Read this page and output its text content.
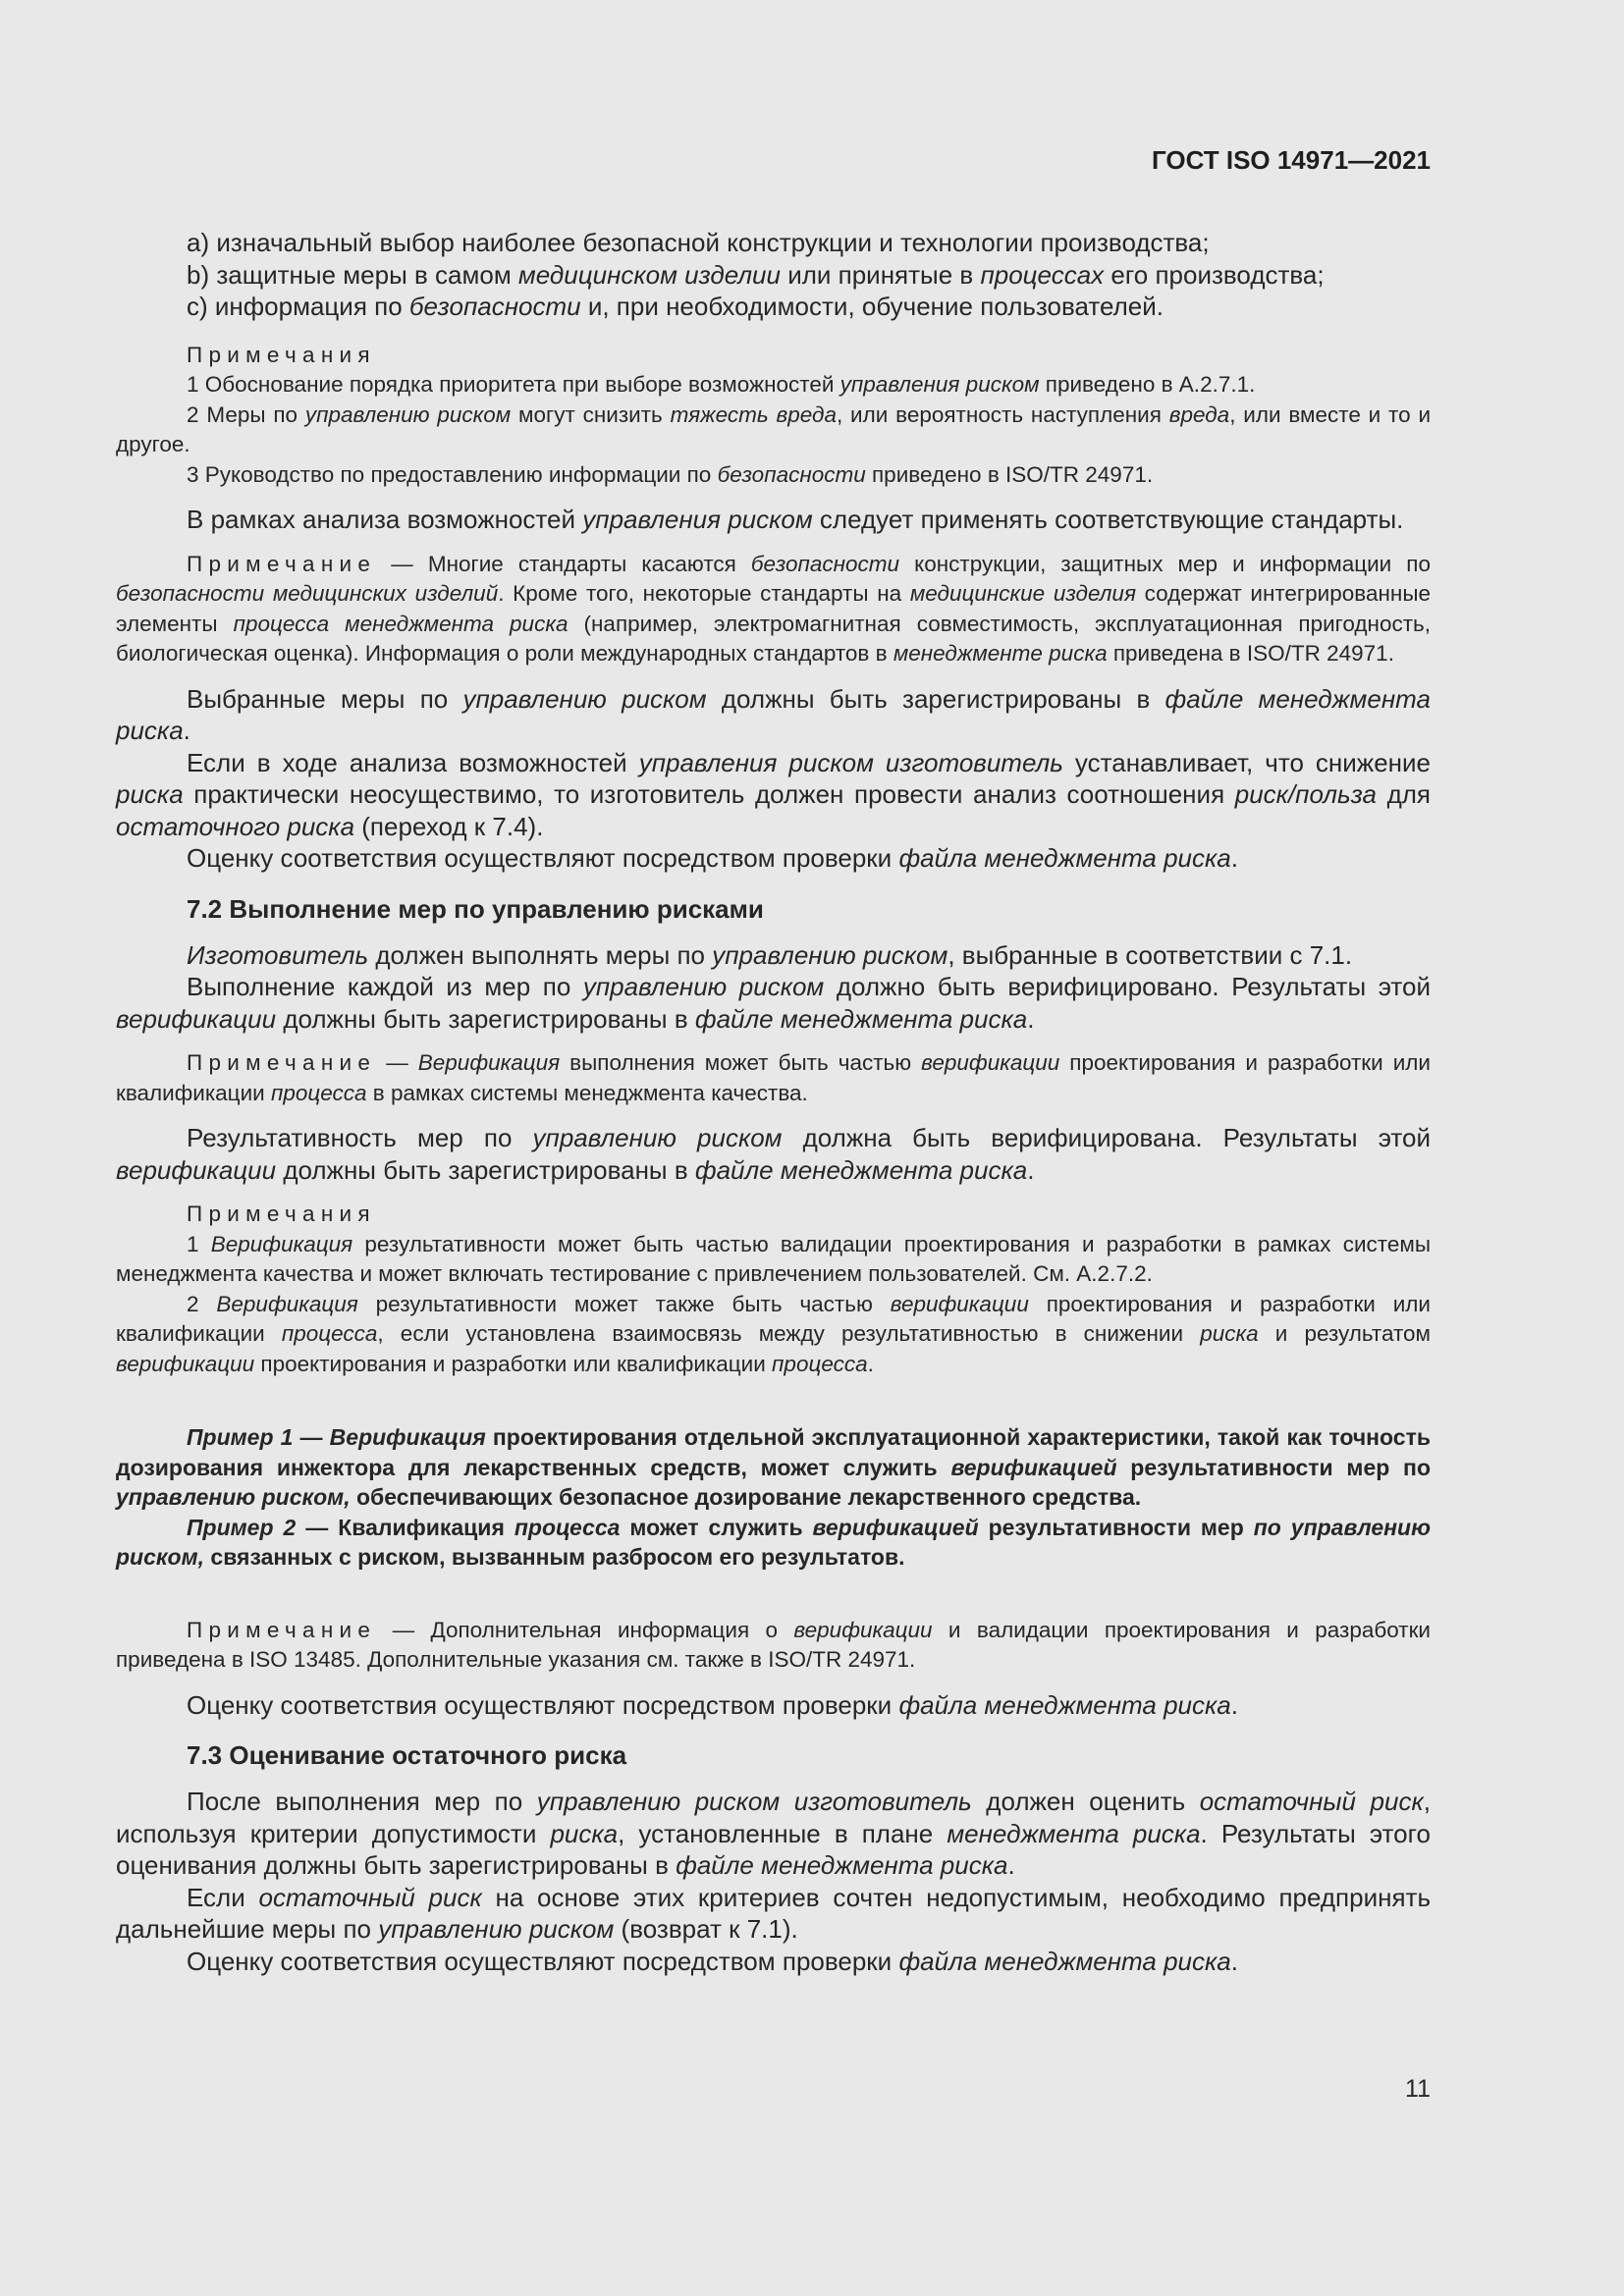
ГОСТ ISO 14971—2021

а) изначальный выбор наиболее безопасной конструкции и технологии производства;

b) защитные меры в самом медицинском изделии или принятые в процессах его производства;

c) информация по безопасности и, при необходимости, обучение пользователей.

Примечания

1 Обоснование порядка приоритета при выборе возможностей управления риском приведено в A.2.7.1.

2 Меры по управлению риском могут снизить тяжесть вреда, или вероятность наступления вреда, или вместе и то и другое.

3 Руководство по предоставлению информации по безопасности приведено в ISO/TR 24971.

В рамках анализа возможностей управления риском следует применять соответствующие стандарты.

Примечание — Многие стандарты касаются безопасности конструкции, защитных мер и информации по безопасности медицинских изделий. Кроме того, некоторые стандарты на медицинские изделия содержат интегрированные элементы процесса менеджмента риска (например, электромагнитная совместимость, эксплуатационная пригодность, биологическая оценка). Информация о роли международных стандартов в менеджменте риска приведена в ISO/TR 24971.

Выбранные меры по управлению риском должны быть зарегистрированы в файле менеджмента риска.

Если в ходе анализа возможностей управления риском изготовитель устанавливает, что снижение риска практически неосуществимо, то изготовитель должен провести анализ соотношения риск/польза для остаточного риска (переход к 7.4).

Оценку соответствия осуществляют посредством проверки файла менеджмента риска.

7.2 Выполнение мер по управлению рисками

Изготовитель должен выполнять меры по управлению риском, выбранные в соответствии с 7.1.

Выполнение каждой из мер по управлению риском должно быть верифицировано. Результаты этой верификации должны быть зарегистрированы в файле менеджмента риска.

Примечание — Верификация выполнения может быть частью верификации проектирования и разработки или квалификации процесса в рамках системы менеджмента качества.

Результативность мер по управлению риском должна быть верифицирована. Результаты этой верификации должны быть зарегистрированы в файле менеджмента риска.

Примечания

1 Верификация результативности может быть частью валидации проектирования и разработки в рамках системы менеджмента качества и может включать тестирование с привлечением пользователей. См. A.2.7.2.

2 Верификация результативности может также быть частью верификации проектирования и разработки или квалификации процесса, если установлена взаимосвязь между результативностью в снижении риска и результатом верификации проектирования и разработки или квалификации процесса.

Пример 1 — Верификация проектирования отдельной эксплуатационной характеристики, такой как точность дозирования инжектора для лекарственных средств, может служить верификацией результативности мер по управлению риском, обеспечивающих безопасное дозирование лекарственного средства.

Пример 2 — Квалификация процесса может служить верификацией результативности мер по управлению риском, связанных с риском, вызванным разбросом его результатов.

Примечание — Дополнительная информация о верификации и валидации проектирования и разработки приведена в ISO 13485. Дополнительные указания см. также в ISO/TR 24971.

Оценку соответствия осуществляют посредством проверки файла менеджмента риска.

7.3 Оценивание остаточного риска

После выполнения мер по управлению риском изготовитель должен оценить остаточный риск, используя критерии допустимости риска, установленные в плане менеджмента риска. Результаты этого оценивания должны быть зарегистрированы в файле менеджмента риска.

Если остаточный риск на основе этих критериев сочтен недопустимым, необходимо предпринять дальнейшие меры по управлению риском (возврат к 7.1).

Оценку соответствия осуществляют посредством проверки файла менеджмента риска.

11
